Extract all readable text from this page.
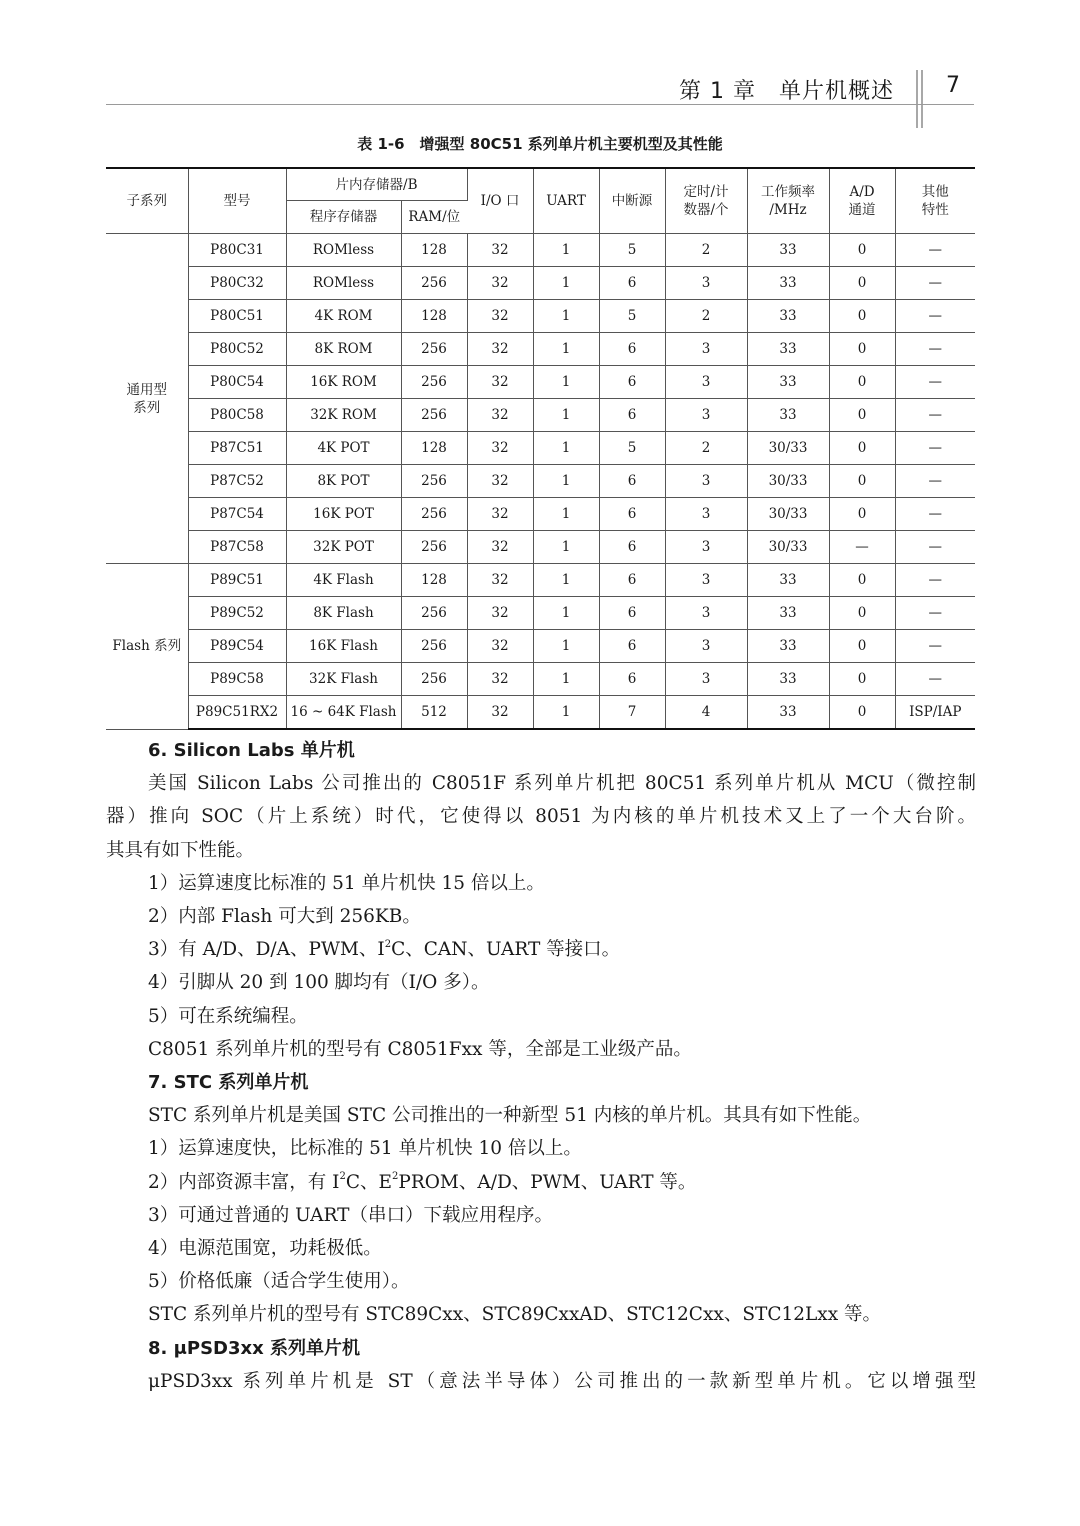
第 1 章　单片机概述 7
表 1-6　增强型 80C51 系列单片机主要机型及其性能
子系列	型号	片内存储器/B		I/O 口	UART	中断源	定时/计
数器/个	工作频率
/MHz	A/D
通道	其他
特性
		程序存储器	RAM/位							
通用型
系列	P80C31	ROMless	128	32	1	5	2	33	0	—
	P80C32	ROMless	256	32	1	6	3	33	0	—
	P80C51	4K ROM	128	32	1	5	2	33	0	—
	P80C52	8K ROM	256	32	1	6	3	33	0	—
	P80C54	16K ROM	256	32	1	6	3	33	0	—
	P80C58	32K ROM	256	32	1	6	3	33	0	—
	P87C51	4K POT	128	32	1	5	2	30/33	0	—
	P87C52	8K POT	256	32	1	6	3	30/33	0	—
	P87C54	16K POT	256	32	1	6	3	30/33	0	—
	P87C58	32K POT	256	32	1	6	3	30/33	—	—
Flash 系列	P89C51	4K Flash	128	32	1	6	3	33	0	—
	P89C52	8K Flash	256	32	1	6	3	33	0	—
	P89C54	16K Flash	256	32	1	6	3	33	0	—
	P89C58	32K Flash	256	32	1	6	3	33	0	—
	P89C51RX2	16 ~ 64K Flash	512	32	1	7	4	33	0	ISP/IAP

6. Silicon Labs 单片机

美国 Silicon Labs 公司推出的 C8051F 系列单片机把 80C51 系列单片机从 MCU（微控制

器）推向 SOC（片上系统）时代，它使得以 8051 为内核的单片机技术又上了一个大台阶。

其具有如下性能。

1）运算速度比标准的 51 单片机快 15 倍以上。

2）内部 Flash 可大到 256KB。

3）有 A/D、D/A、PWM、$I^2C$、CAN、UART 等接口。

4）引脚从 20 到 100 脚均有（I/O 多）。

5）可在系统编程。

C8051 系列单片机的型号有 C8051Fxx 等，全部是工业级产品。

7. STC 系列单片机

STC 系列单片机是美国 STC 公司推出的一种新型 51 内核的单片机。其具有如下性能。

1）运算速度快，比标准的 51 单片机快 10 倍以上。

2）内部资源丰富，有 $I^2C$、$E^2PROM$、A/D、PWM、UART 等。

3）可通过普通的 UART（串口）下载应用程序。

4）电源范围宽，功耗极低。

5）价格低廉（适合学生使用）。

STC 系列单片机的型号有 STC89Cxx、STC89CxxAD、STC12Cxx、STC12Lxx 等。

8. μPSD3xx 系列单片机

μPSD3xx 系列单片机是 ST（意法半导体）公司推出的一款新型单片机。它以增强型
